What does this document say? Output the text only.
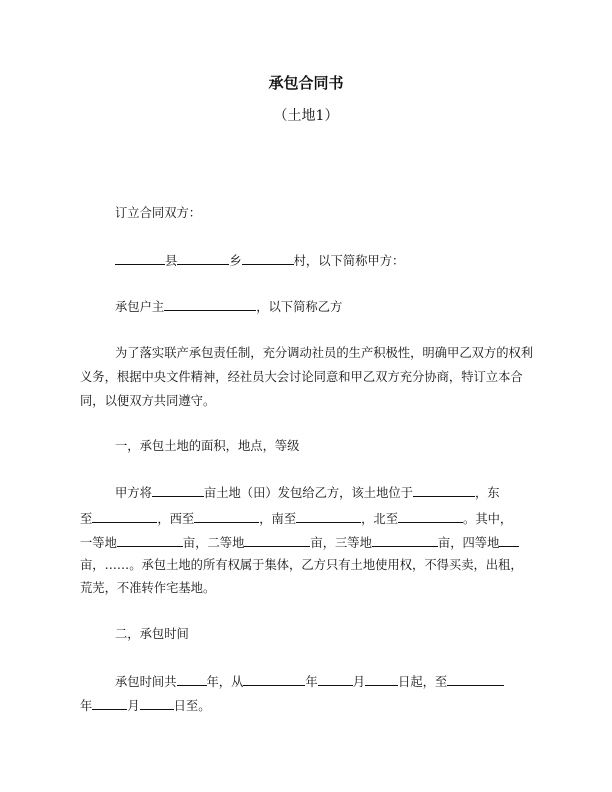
承包合同书
（土地1）
订立合同双方：
县	乡	村，以下简称甲方：
承包户主	，以下简称乙方
为了落实联产承包责任制，充分调动社员的生产积极性，明确甲乙双方的权利
义务，根据中央文件精神，经社员大会讨论同意和甲乙双方充分协商，特订立本合
同，以便双方共同遵守。
一，承包土地的面积，地点，等级
甲方将	亩土地（田）发包给乙方，该土地位于	，东
至	，西至	，南至	，北至	。其中，
一等地	亩，二等地	亩，三等地	亩，四等地
亩，……。承包土地的所有权属于集体，乙方只有土地使用权，不得买卖，出租，
荒芜，不准转作宅基地。
二，承包时间
承包时间共 年，从	年	月	日起，至
年	月	日至。
